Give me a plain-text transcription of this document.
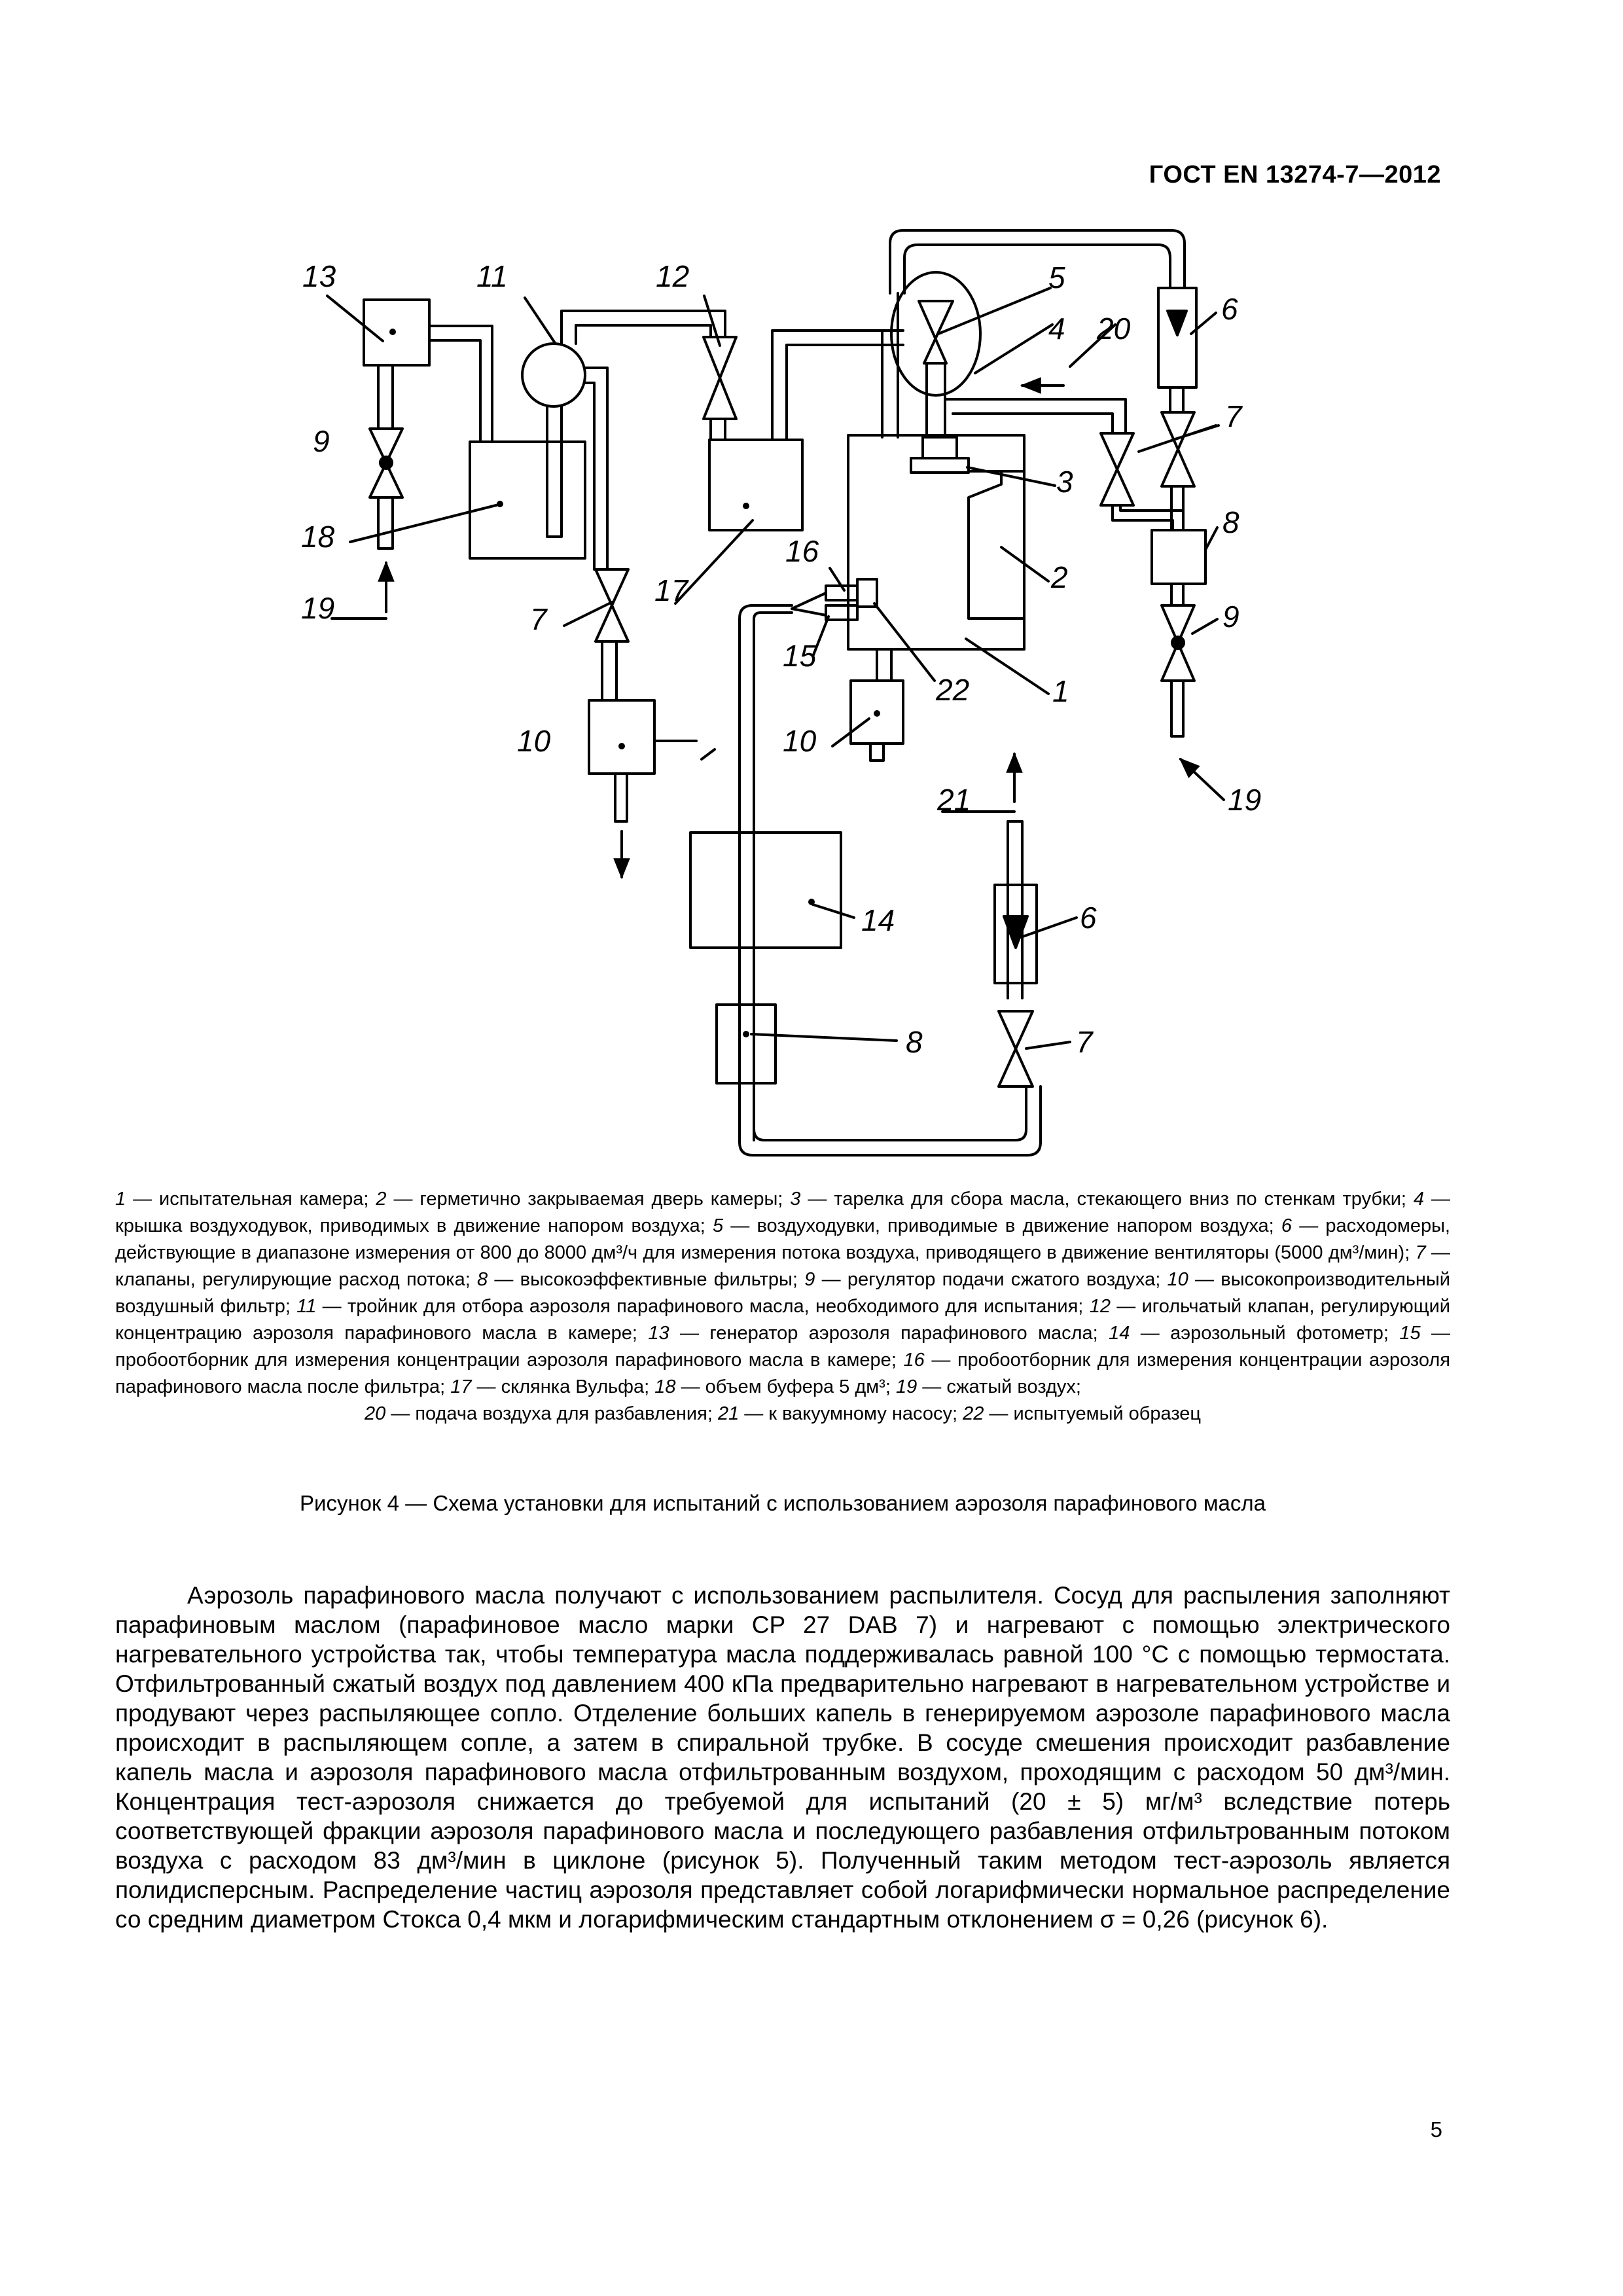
ГОСТ EN 13274-7—2012
13	11	12	5
4 20
6
7
3
8
2
9
1
9
18
19	7
17
16
15
22
10	10
21	19
14	6
8	7
1 — испытательная камера; 2 — герметично закрываемая дверь камеры; 3 — тарелка для сбора масла, стекающего вниз по стенкам трубки; 4 — крышка воздуходувок, приводимых в движение напором воздуха; 5 — воздуходувки, приводимые в движение напором воздуха; 6 — расходомеры, действующие в диапазоне измерения от 800 до 8000 дм³/ч для измерения потока воздуха, приводящего в движение вентиляторы (5000 дм³/мин); 7 — клапаны, регулирующие расход потока; 8 — высокоэффективные фильтры; 9 — регулятор подачи сжатого воздуха; 10 — высокопроизводительный воздушный фильтр; 11 — тройник для отбора аэрозоля парафинового масла, необходимого для испытания; 12 — игольчатый клапан, регулирующий концентрацию аэрозоля парафинового масла в камере; 13 — генератор аэрозоля парафинового масла; 14 — аэрозольный фотометр; 15 — пробоотборник для измерения концентрации аэрозоля парафинового масла в камере; 16 — пробоотборник для измерения концентрации аэрозоля парафинового масла после фильтра; 17 — склянка Вульфа; 18 — объем буфера 5 дм³; 19 — сжатый воздух;
20 — подача воздуха для разбавления; 21 — к вакуумному насосу; 22 — испытуемый образец
Рисунок 4 — Схема установки для испытаний с использованием аэрозоля парафинового масла

Аэрозоль парафинового масла получают с использованием распылителя. Сосуд для распыления заполняют парафиновым маслом (парафиновое масло марки CP 27 DAB 7) и нагревают с помощью электрического нагревательного устройства так, чтобы температура масла поддерживалась равной 100 °С с помощью термостата. Отфильтрованный сжатый воздух под давлением 400 кПа предварительно нагревают в нагревательном устройстве и продувают через распыляющее сопло. Отделение больших капель в генерируемом аэрозоле парафинового масла происходит в распыляющем сопле, а затем в спиральной трубке. В сосуде смешения происходит разбавление капель масла и аэрозоля парафинового масла отфильтрованным воздухом, проходящим с расходом 50 дм³/мин. Концентрация тест-аэрозоля снижается до требуемой для испытаний (20 ± 5) мг/м³ вследствие потерь соответствующей фракции аэрозоля парафинового масла и последующего разбавления отфильтрованным потоком воздуха с расходом 83 дм³/мин в циклоне (рисунок 5). Полученный таким методом тест-аэрозоль является полидисперсным. Распределение частиц аэрозоля представляет собой логарифмически нормальное распределение со средним диаметром Стокса 0,4 мкм и логарифмическим стандартным отклонением σ = 0,26 (рисунок 6).

5
